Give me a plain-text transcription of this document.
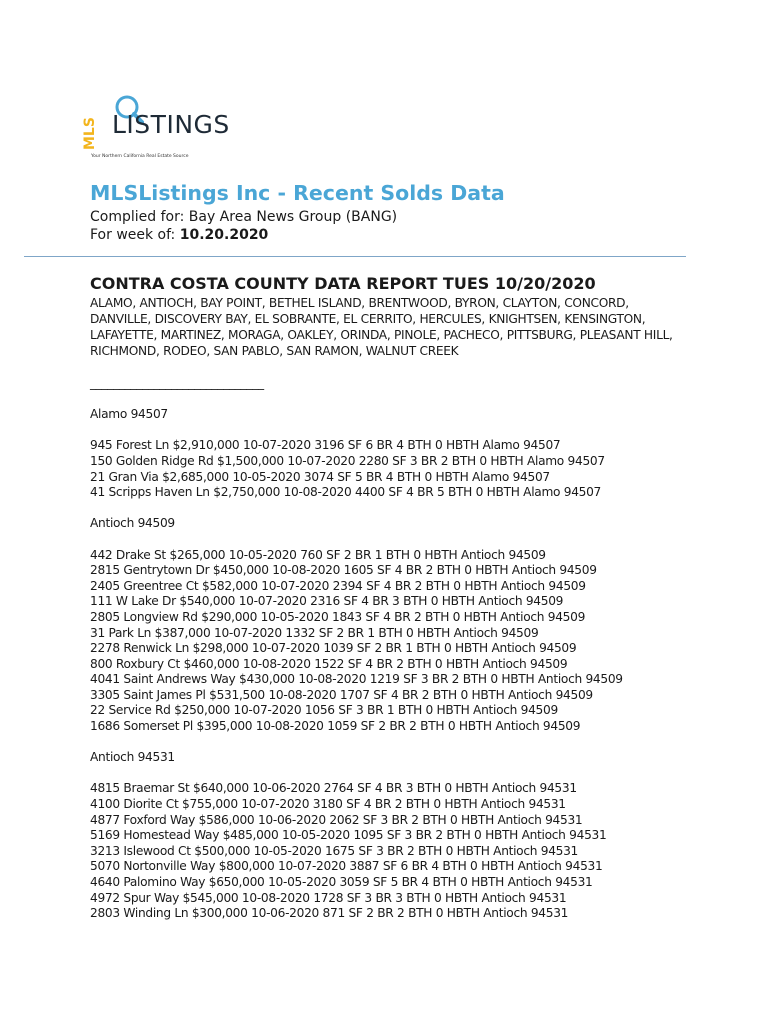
MLS LISTINGS
Your Northern California Real Estate Source
MLSListings Inc - Recent Solds Data
Complied for: Bay Area News Group (BANG)
For week of: 10.20.2020
CONTRA COSTA COUNTY DATA REPORT TUES 10/20/2020
ALAMO, ANTIOCH, BAY POINT, BETHEL ISLAND, BRENTWOOD, BYRON, CLAYTON, CONCORD, DANVILLE, DISCOVERY BAY, EL SOBRANTE, EL CERRITO, HERCULES, KNIGHTSEN, KENSINGTON, LAFAYETTE, MARTINEZ, MORAGA, OAKLEY, ORINDA, PINOLE, PACHECO, PITTSBURG, PLEASANT HILL, RICHMOND, RODEO, SAN PABLO, SAN RAMON, WALNUT CREEK
______________________________
Alamo 94507
945 Forest Ln $2,910,000 10-07-2020 3196 SF 6 BR 4 BTH 0 HBTH Alamo 94507
150 Golden Ridge Rd $1,500,000 10-07-2020 2280 SF 3 BR 2 BTH 0 HBTH Alamo 94507
21 Gran Via $2,685,000 10-05-2020 3074 SF 5 BR 4 BTH 0 HBTH Alamo 94507
41 Scripps Haven Ln $2,750,000 10-08-2020 4400 SF 4 BR 5 BTH 0 HBTH Alamo 94507
Antioch 94509
442 Drake St $265,000 10-05-2020 760 SF 2 BR 1 BTH 0 HBTH Antioch 94509
2815 Gentrytown Dr $450,000 10-08-2020 1605 SF 4 BR 2 BTH 0 HBTH Antioch 94509
2405 Greentree Ct $582,000 10-07-2020 2394 SF 4 BR 2 BTH 0 HBTH Antioch 94509
111 W Lake Dr $540,000 10-07-2020 2316 SF 4 BR 3 BTH 0 HBTH Antioch 94509
2805 Longview Rd $290,000 10-05-2020 1843 SF 4 BR 2 BTH 0 HBTH Antioch 94509
31 Park Ln $387,000 10-07-2020 1332 SF 2 BR 1 BTH 0 HBTH Antioch 94509
2278 Renwick Ln $298,000 10-07-2020 1039 SF 2 BR 1 BTH 0 HBTH Antioch 94509
800 Roxbury Ct $460,000 10-08-2020 1522 SF 4 BR 2 BTH 0 HBTH Antioch 94509
4041 Saint Andrews Way $430,000 10-08-2020 1219 SF 3 BR 2 BTH 0 HBTH Antioch 94509
3305 Saint James Pl $531,500 10-08-2020 1707 SF 4 BR 2 BTH 0 HBTH Antioch 94509
22 Service Rd $250,000 10-07-2020 1056 SF 3 BR 1 BTH 0 HBTH Antioch 94509
1686 Somerset Pl $395,000 10-08-2020 1059 SF 2 BR 2 BTH 0 HBTH Antioch 94509
Antioch 94531
4815 Braemar St $640,000 10-06-2020 2764 SF 4 BR 3 BTH 0 HBTH Antioch 94531
4100 Diorite Ct $755,000 10-07-2020 3180 SF 4 BR 2 BTH 0 HBTH Antioch 94531
4877 Foxford Way $586,000 10-06-2020 2062 SF 3 BR 2 BTH 0 HBTH Antioch 94531
5169 Homestead Way $485,000 10-05-2020 1095 SF 3 BR 2 BTH 0 HBTH Antioch 94531
3213 Islewood Ct $500,000 10-05-2020 1675 SF 3 BR 2 BTH 0 HBTH Antioch 94531
5070 Nortonville Way $800,000 10-07-2020 3887 SF 6 BR 4 BTH 0 HBTH Antioch 94531
4640 Palomino Way $650,000 10-05-2020 3059 SF 5 BR 4 BTH 0 HBTH Antioch 94531
4972 Spur Way $545,000 10-08-2020 1728 SF 3 BR 3 BTH 0 HBTH Antioch 94531
2803 Winding Ln $300,000 10-06-2020 871 SF 2 BR 2 BTH 0 HBTH Antioch 94531
